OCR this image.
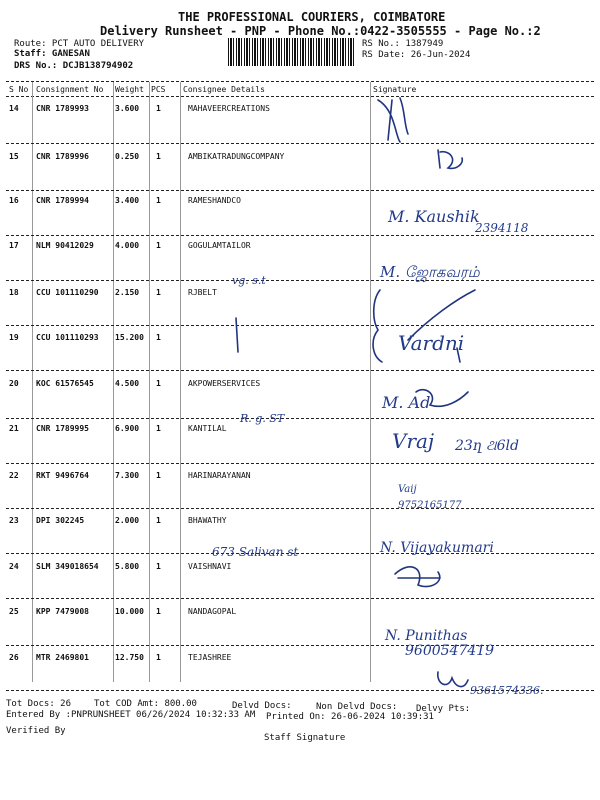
THE PROFESSIONAL COURIERS, COIMBATORE
Delivery Runsheet - PNP - Phone No.:0422-3505555 - Page No.:2
Route: PCT AUTO DELIVERY
Staff: GANESAN
DRS No.: DCJB138794902
RS No.: 1387949
RS Date: 26-Jun-2024
S No Consignment No Weight PCS Consignee Details	Signature
14 CNR 1789993	3.600 1	MAHAVEERCREATIONS
15 CNR 1789996	0.250 1	AMBIKATRADUNGCOMPANY
16 CNR 1789994	3.400 1	RAMESHANDCO
17 NLM 90412029	4.000 1	GOGULAMTAILOR
18 CCU 101110290 2.150 1	RJBELT
19 CCU 101110293 15.200 1
20 KOC 61576545	4.500 1	AKPOWERSERVICES
21 CNR 1789995	6.900 1	KANTILAL
22 RKT 9496764	7.300 1	HARINARAYANAN
23 DPI 302245	2.000 1	BHAWATHY
24 SLM 349018654 5.800 1	VAISHNAVI
25 KPP 7479008	10.000 1	NANDAGOPAL
26 MTR 2469801	12.750 1	TEJASHREE
M. Kaushik
2394118
M. ஜோகவரம்
vg. s.t
Vardni
M. Ad
R. g. ST
Vraj 23ղ ଥ6ld
Vaij
9752165177
673 Salivan st	N. Vijayakumari
N. Punithas
9600547419
9361574336.
Tot Docs: 26	Tot COD Amt: 800.00	Delvd Docs:	Non Delvd Docs: Delvy Pts:
Entered By :PNPRUNSHEET 06/26/2024 10:32:33 AM Printed On: 26-06-2024 10:39:31
Verified By
Staff Signature
